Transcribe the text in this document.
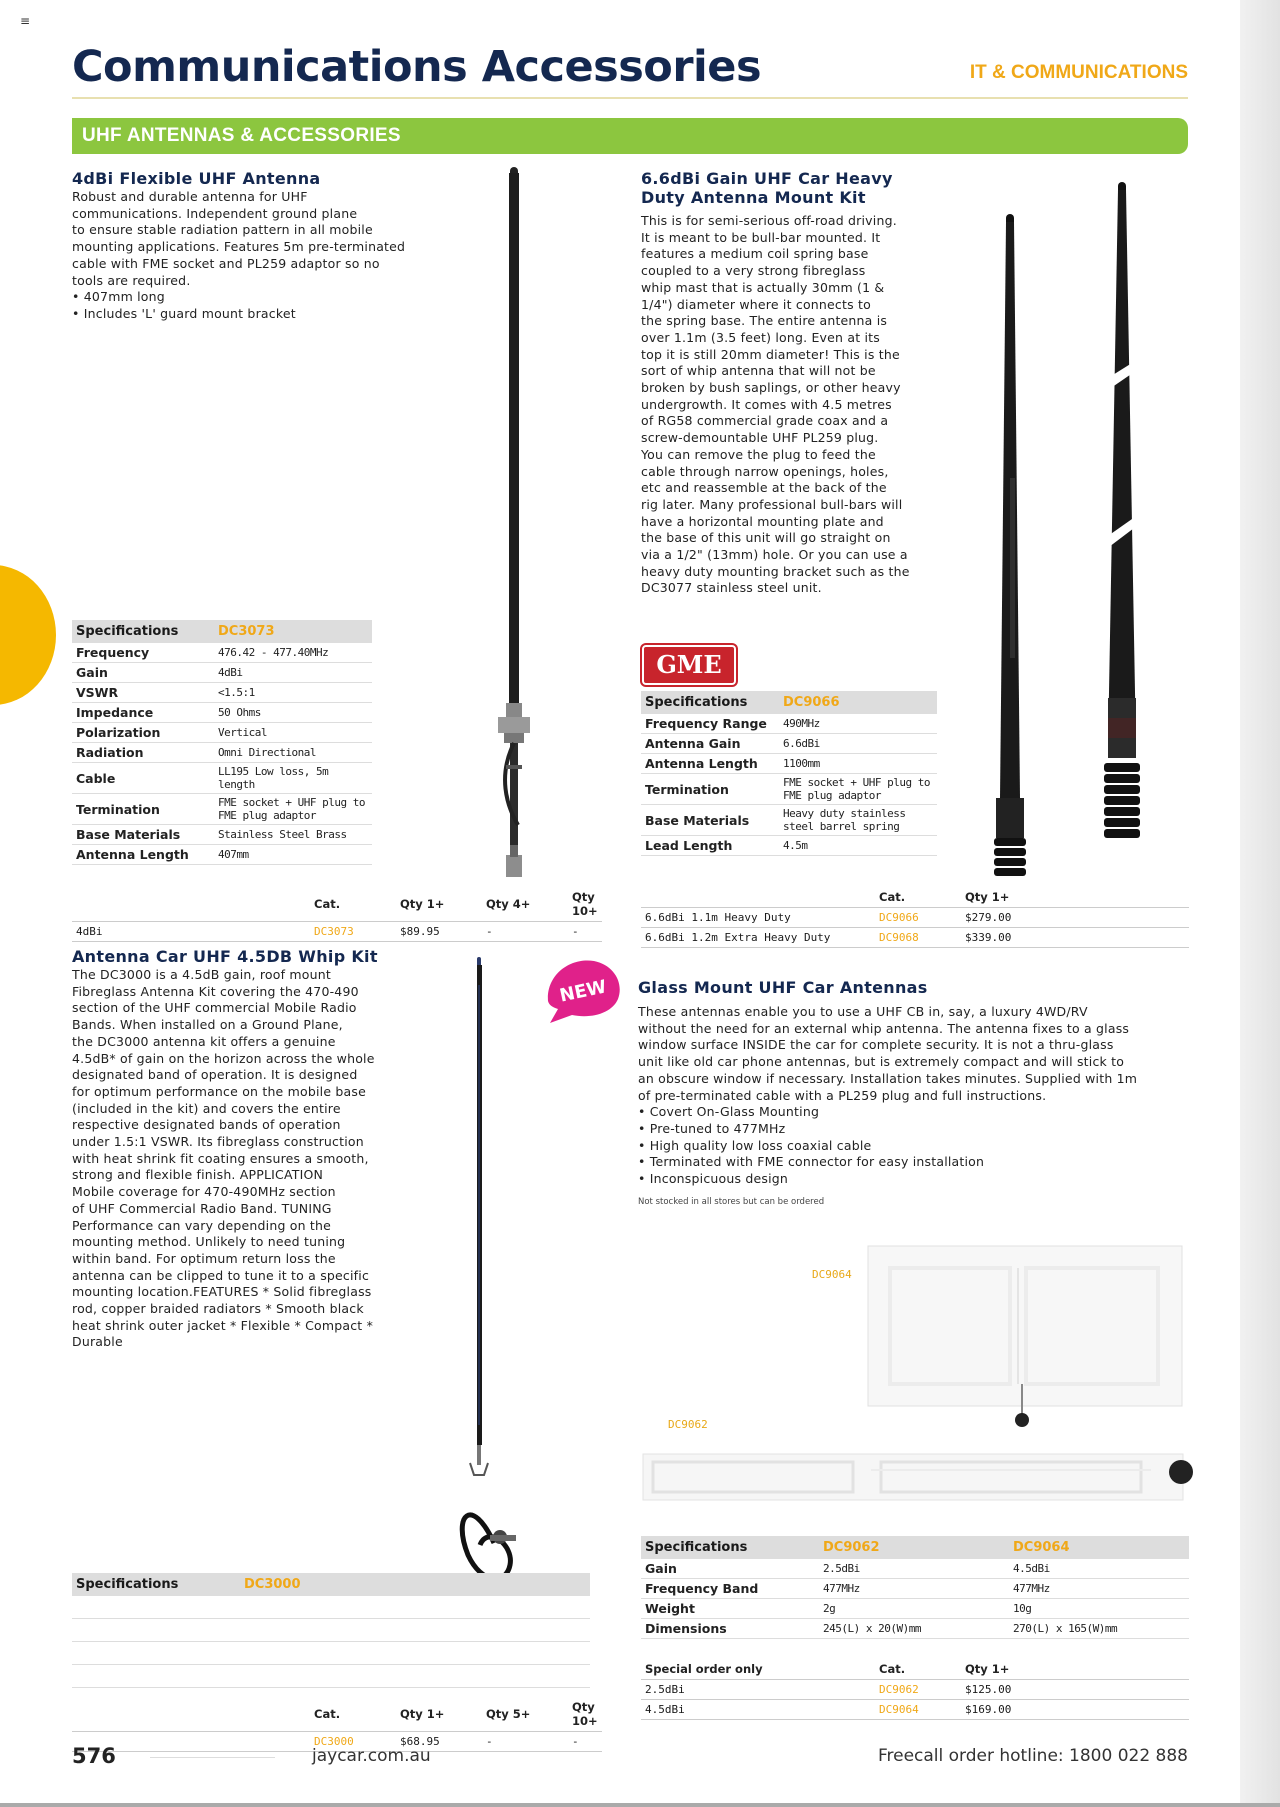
≡
Communications Accessories	IT & COMMUNICATIONS
UHF ANTENNAS & ACCESSORIES
4dBi Flexible UHF Antenna
Robust and durable antenna for UHF
communications. Independent ground plane
to ensure stable radiation pattern in all mobile
mounting applications. Features 5m pre-terminated
cable with FME socket and PL259 adaptor so no
tools are required.
• 407mm long
• Includes 'L' guard mount bracket
Specifications	DC3073
Frequency	476.42 - 477.40MHz
Gain	4dBi
VSWR	<1.5:1
Impedance	50 Ohms
Polarization	Vertical
Radiation	Omni Directional
Cable	LL195 Low loss, 5m length
Termination	FME socket + UHF plug to FME plug adaptor
Base Materials	Stainless Steel Brass
Antenna Length	407mm
	Cat.	Qty 1+	Qty 4+	Qty 10+
4dBi	DC3073	$89.95	-	-
6.6dBi Gain UHF Car Heavy Duty Antenna Mount Kit
This is for semi-serious off-road driving.
It is meant to be bull-bar mounted. It
features a medium coil spring base
coupled to a very strong fibreglass
whip mast that is actually 30mm (1 &
1/4") diameter where it connects to
the spring base. The entire antenna is
over 1.1m (3.5 feet) long. Even at its
top it is still 20mm diameter! This is the
sort of whip antenna that will not be
broken by bush saplings, or other heavy
undergrowth. It comes with 4.5 metres
of RG58 commercial grade coax and a
screw-demountable UHF PL259 plug.
You can remove the plug to feed the
cable through narrow openings, holes,
etc and reassemble at the back of the
rig later. Many professional bull-bars will
have a horizontal mounting plate and
the base of this unit will go straight on
via a 1/2" (13mm) hole. Or you can use a
heavy duty mounting bracket such as the
DC3077 stainless steel unit.
GME
Specifications	DC9066
Frequency Range	490MHz
Antenna Gain	6.6dBi
Antenna Length	1100mm
Termination	FME socket + UHF plug to FME plug adaptor
Base Materials	Heavy duty stainless steel barrel spring
Lead Length	4.5m
	Cat.	Qty 1+
6.6dBi 1.1m Heavy Duty	DC9066	$279.00
6.6dBi 1.2m Extra Heavy Duty	DC9068	$339.00
Antenna Car UHF 4.5DB Whip Kit
The DC3000 is a 4.5dB gain, roof mount
Fibreglass Antenna Kit covering the 470-490
section of the UHF commercial Mobile Radio
Bands. When installed on a Ground Plane,
the DC3000 antenna kit offers a genuine
4.5dB* of gain on the horizon across the whole
designated band of operation. It is designed
for optimum performance on the mobile base
(included in the kit) and covers the entire
respective designated bands of operation
under 1.5:1 VSWR. Its fibreglass construction
with heat shrink fit coating ensures a smooth,
strong and flexible finish. APPLICATION
Mobile coverage for 470-490MHz section
of UHF Commercial Radio Band. TUNING
Performance can vary depending on the
mounting method. Unlikely to need tuning
within band. For optimum return loss the
antenna can be clipped to tune it to a specific
mounting location.FEATURES * Solid fibreglass
rod, copper braided radiators * Smooth black
heat shrink outer jacket * Flexible * Compact *
Durable
NEW
Specifications	DC3000

	Cat.	Qty 1+	Qty 5+	Qty 10+
	DC3000	$68.95	-	-
Glass Mount UHF Car Antennas
These antennas enable you to use a UHF CB in, say, a luxury 4WD/RV
without the need for an external whip antenna. The antenna fixes to a glass
window surface INSIDE the car for complete security. It is not a thru-glass
unit like old car phone antennas, but is extremely compact and will stick to
an obscure window if necessary. Installation takes minutes. Supplied with 1m
of pre-terminated cable with a PL259 plug and full instructions.
• Covert On-Glass Mounting
• Pre-tuned to 477MHz
• High quality low loss coaxial cable
• Terminated with FME connector for easy installation
• Inconspicuous design
Not stocked in all stores but can be ordered
DC9064
DC9062
Specifications	DC9062	DC9064
Gain	2.5dBi	4.5dBi
Frequency Band	477MHz	477MHz
Weight	2g	10g
Dimensions	245(L) x 20(W)mm	270(L) x 165(W)mm
Special order only	Cat.	Qty 1+
2.5dBi	DC9062	$125.00
4.5dBi	DC9064	$169.00
576	jaycar.com.au	Freecall order hotline: 1800 022 888
